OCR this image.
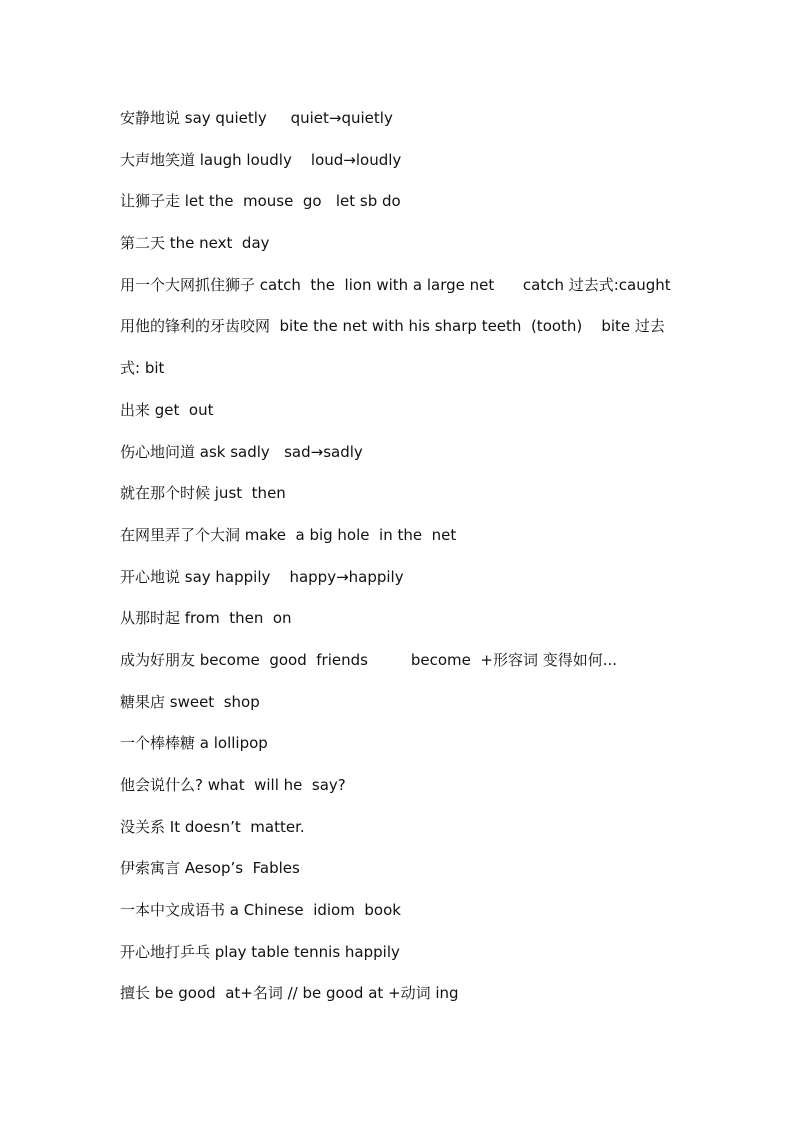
安静地说 say quietly     quiet→quietly
大声地笑道 laugh loudly    loud→loudly
让狮子走 let the  mouse  go   let sb do
第二天 the next  day
用一个大网抓住狮子 catch  the  lion with a large net      catch 过去式:caught
用他的锋利的牙齿咬网  bite the net with his sharp teeth  (tooth)    bite 过去
式: bit
出来 get  out
伤心地问道 ask sadly   sad→sadly
就在那个时候 just  then
在网里弄了个大洞 make  a big hole  in the  net
开心地说 say happily    happy→happily
从那时起 from  then  on
成为好朋友 become  good  friends         become  +形容词 变得如何...
糖果店 sweet  shop
一个棒棒糖 a lollipop
他会说什么? what  will he  say?
没关系 It doesn’t  matter.
伊索寓言 Aesop’s  Fables
一本中文成语书 a Chinese  idiom  book
开心地打乒乓 play table tennis happily
擅长 be good  at+名词 // be good at +动词 ing
